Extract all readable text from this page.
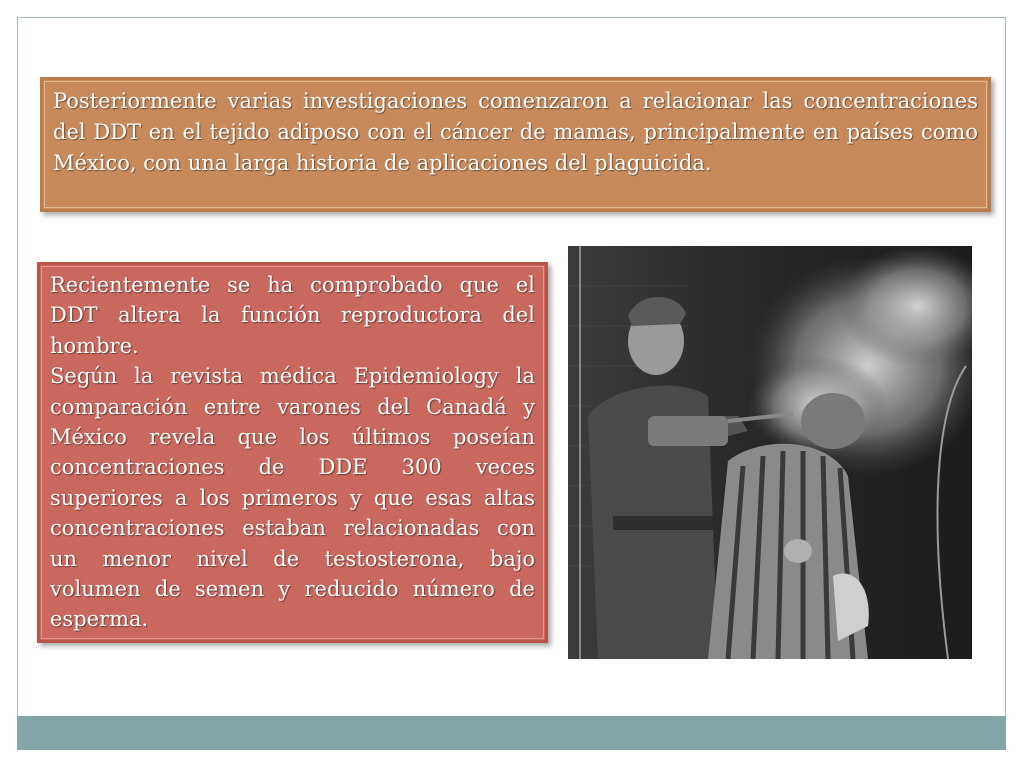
Posteriormente varias investigaciones comenzaron a relacionar las concentraciones del DDT en el tejido adiposo con el cáncer de mamas, principalmente en países como México, con una larga historia de aplicaciones del plaguicida.

Recientemente se ha comprobado que el DDT altera la función reproductora del hombre.

Según la revista médica Epidemiology la comparación entre varones del Canadá y México revela que los últimos poseían concentraciones de DDE 300 veces superiores a los primeros y que esas altas concentraciones estaban relacionadas con un menor nivel de testosterona, bajo volumen de semen y reducido número de esperma.
